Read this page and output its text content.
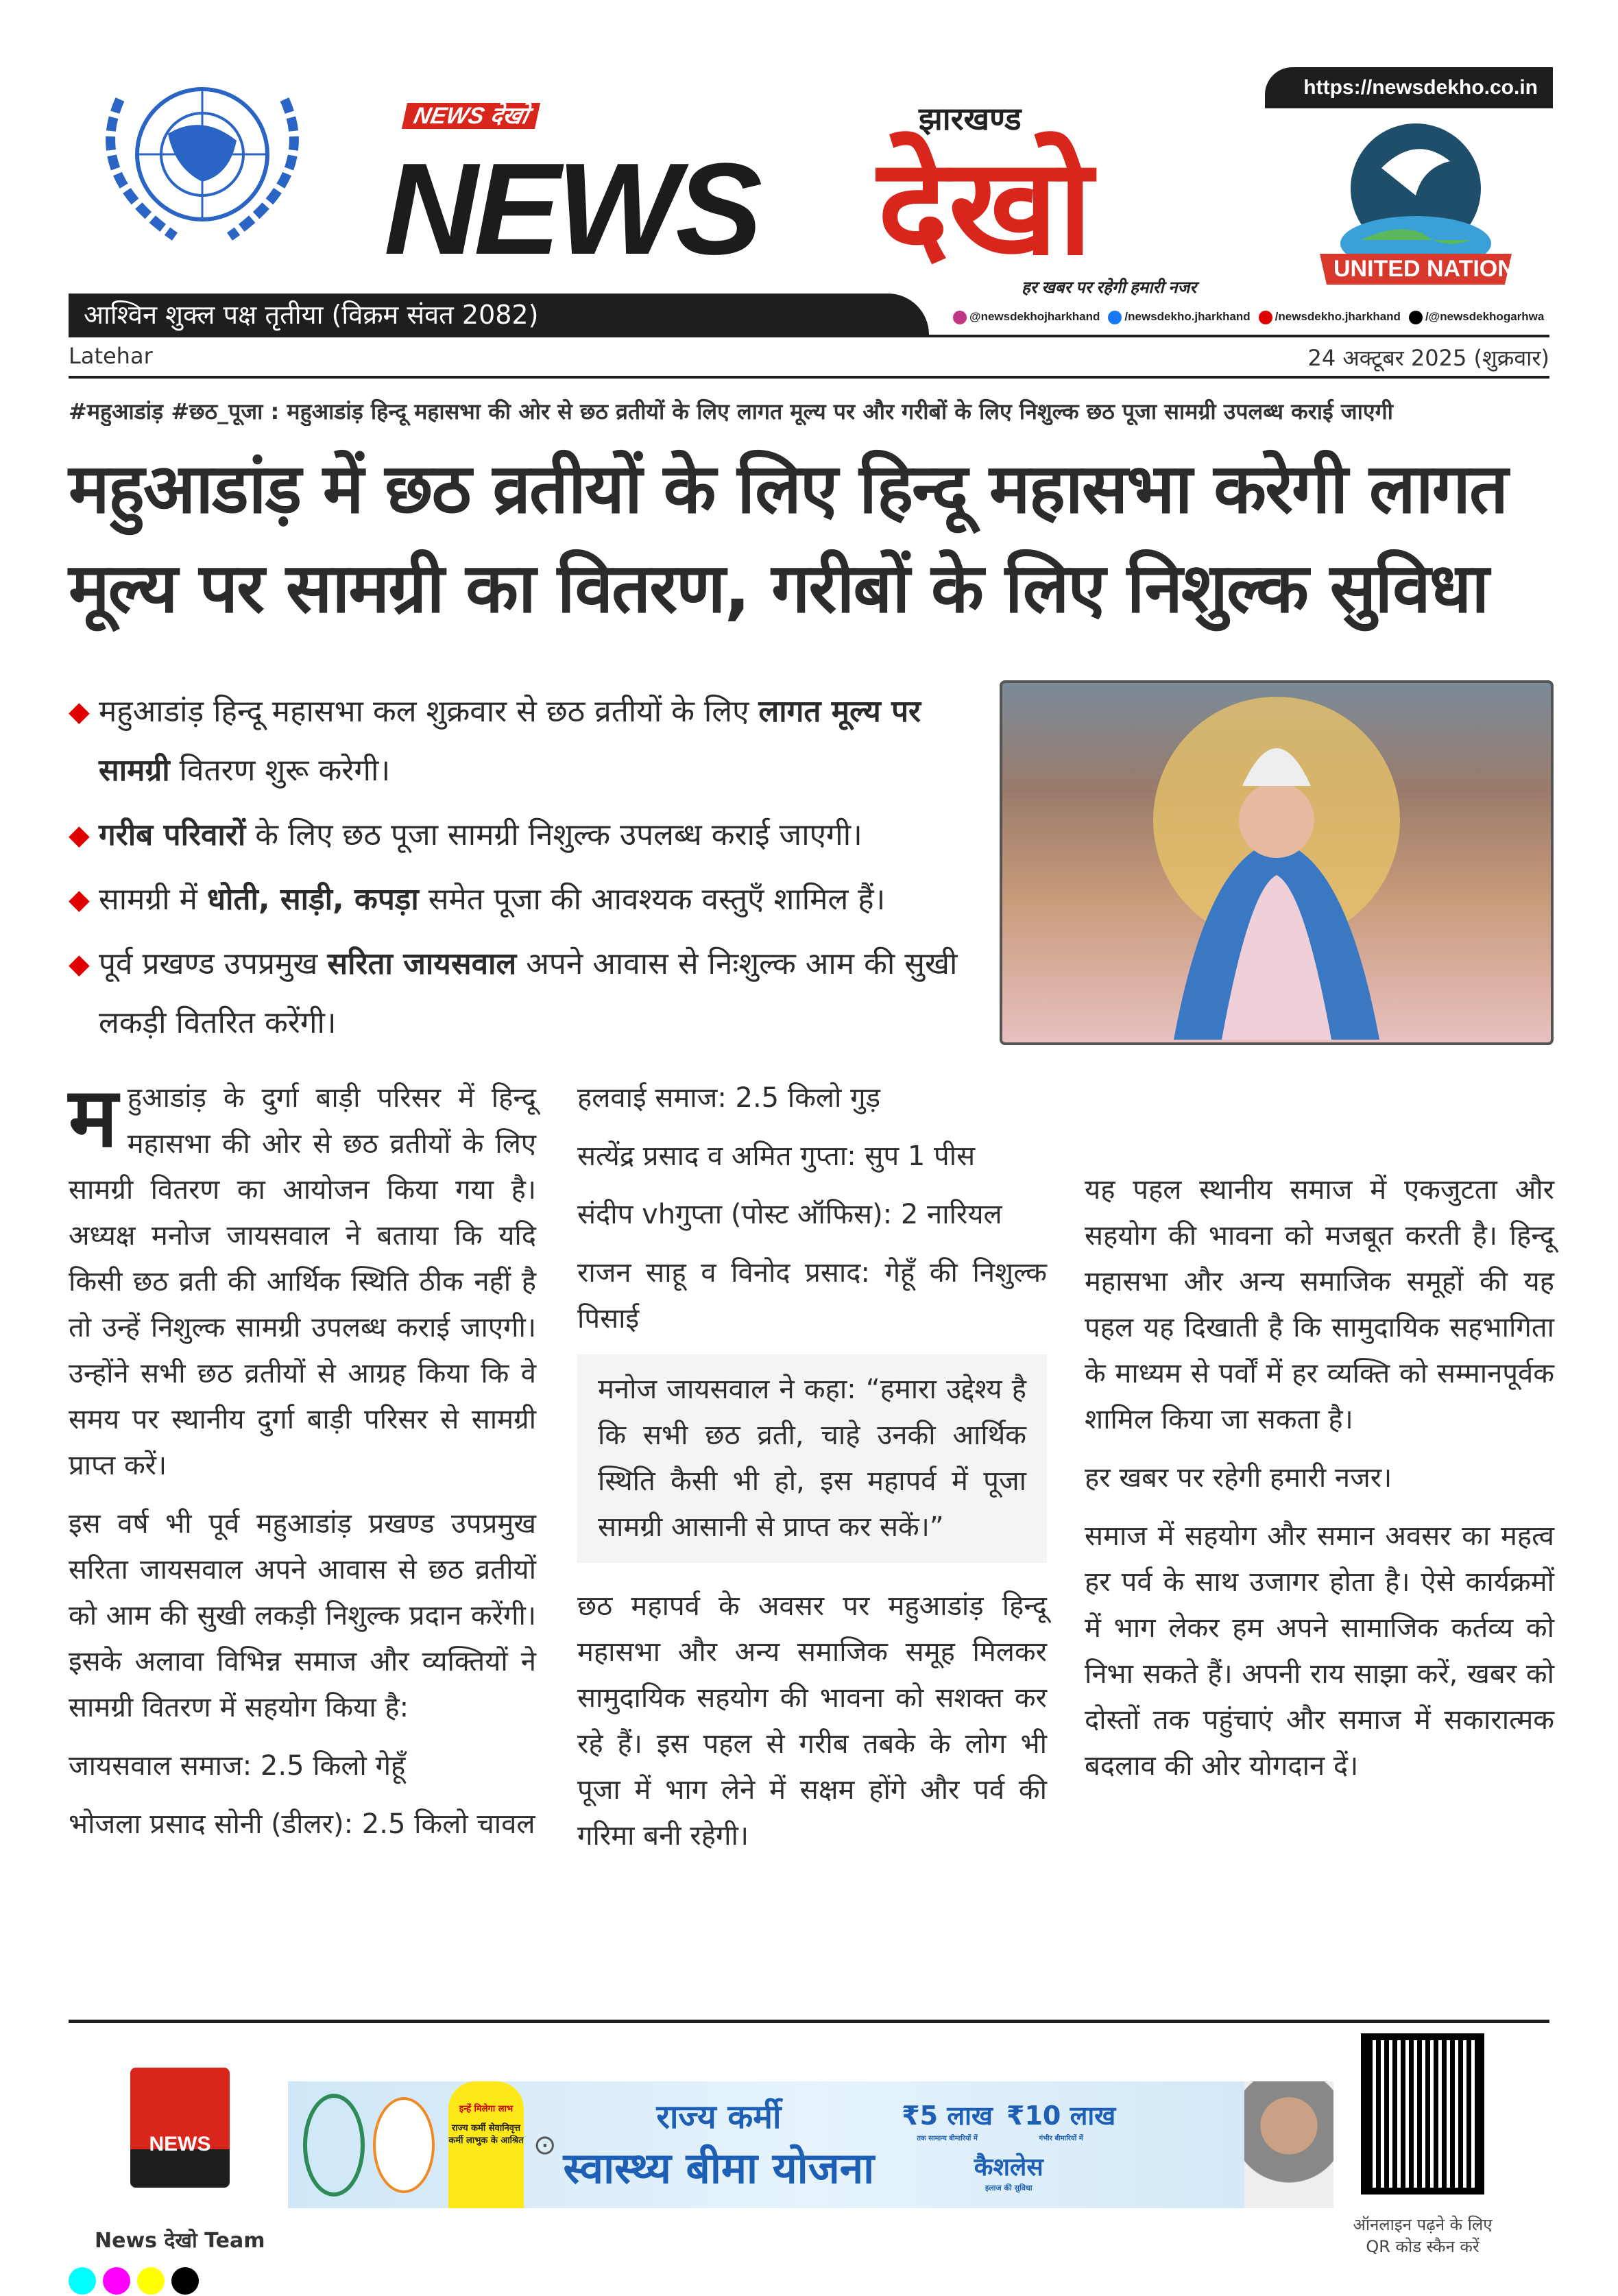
NEWS देखो
NEWS देखो
झारखण्ड
हर खबर पर रहेगी हमारी नजर
https://newsdekho.co.in
UNITED NATIONS
आश्विन शुक्ल पक्ष तृतीया (विक्रम संवत 2082)	@newsdekhojharkhand	/newsdekho.jharkhand	/newsdekho.jharkhand	/@newsdekhogarhwa
Latehar	24 अक्टूबर 2025 (शुक्रवार)
#महुआडांड़ #छठ_पूजा : महुआडांड़ हिन्दू महासभा की ओर से छठ व्रतीयों के लिए लागत मूल्य पर और गरीबों के लिए निशुल्क छठ पूजा सामग्री उपलब्ध कराई जाएगी
महुआडांड़ में छठ व्रतीयों के लिए हिन्दू महासभा करेगी लागत मूल्य पर सामग्री का वितरण, गरीबों के लिए निशुल्क सुविधा
◆ महुआडांड़ हिन्दू महासभा कल शुक्रवार से छठ व्रतीयों के लिए लागत मूल्य पर सामग्री वितरण शुरू करेगी।
◆ गरीब परिवारों के लिए छठ पूजा सामग्री निशुल्क उपलब्ध कराई जाएगी।
◆ सामग्री में धोती, साड़ी, कपड़ा समेत पूजा की आवश्यक वस्तुएँ शामिल हैं।
◆ पूर्व प्रखण्ड उपप्रमुख सरिता जायसवाल अपने आवास से निःशुल्क आम की सुखी लकड़ी वितरित करेंगी।

महुआडांड़ के दुर्गा बाड़ी परिसर में हिन्दू महासभा की ओर से छठ व्रतीयों के लिए सामग्री वितरण का आयोजन किया गया है। अध्यक्ष मनोज जायसवाल ने बताया कि यदि किसी छठ व्रती की आर्थिक स्थिति ठीक नहीं है तो उन्हें निशुल्क सामग्री उपलब्ध कराई जाएगी। उन्होंने सभी छठ व्रतीयों से आग्रह किया कि वे समय पर स्थानीय दुर्गा बाड़ी परिसर से सामग्री प्राप्त करें।

इस वर्ष भी पूर्व महुआडांड़ प्रखण्ड उपप्रमुख सरिता जायसवाल अपने आवास से छठ व्रतीयों को आम की सुखी लकड़ी निशुल्क प्रदान करेंगी। इसके अलावा विभिन्न समाज और व्यक्तियों ने सामग्री वितरण में सहयोग किया है:

जायसवाल समाज: 2.5 किलो गेहूँ

भोजला प्रसाद सोनी (डीलर): 2.5 किलो चावल

हलवाई समाज: 2.5 किलो गुड़

सत्येंद्र प्रसाद व अमित गुप्ता: सुप 1 पीस

संदीप vhगुप्ता (पोस्ट ऑफिस): 2 नारियल

राजन साहू व विनोद प्रसाद: गेहूँ की निशुल्क पिसाई

मनोज जायसवाल ने कहा: “हमारा उद्देश्य है कि सभी छठ व्रती, चाहे उनकी आर्थिक स्थिति कैसी भी हो, इस महापर्व में पूजा सामग्री आसानी से प्राप्त कर सकें।”

छठ महापर्व के अवसर पर महुआडांड़ हिन्दू महासभा और अन्य समाजिक समूह मिलकर सामुदायिक सहयोग की भावना को सशक्त कर रहे हैं। इस पहल से गरीब तबके के लोग भी पूजा में भाग लेने में सक्षम होंगे और पर्व की गरिमा बनी रहेगी।

यह पहल स्थानीय समाज में एकजुटता और सहयोग की भावना को मजबूत करती है। हिन्दू महासभा और अन्य समाजिक समूहों की यह पहल यह दिखाती है कि सामुदायिक सहभागिता के माध्यम से पर्वों में हर व्यक्ति को सम्मानपूर्वक शामिल किया जा सकता है।

हर खबर पर रहेगी हमारी नजर।

समाज में सहयोग और समान अवसर का महत्व हर पर्व के साथ उजागर होता है। ऐसे कार्यक्रमों में भाग लेकर हम अपने सामाजिक कर्तव्य को निभा सकते हैं। अपनी राय साझा करें, खबर को दोस्तों तक पहुंचाएं और समाज में सकारात्मक बदलाव की ओर योगदान दें।

NEWS
News देखो Team
इन्हें मिलेगा लाभ
राज्य कर्मी सेवानिवृत्त कर्मी लाभुक के आश्रित ⊙
राज्य कर्मी
स्वास्थ्य बीमा योजना
₹5 लाख
तक सामान्य बीमारियों में
₹10 लाख
गंभीर बीमारियों में
कैशलेस
इलाज की सुविधा
ऑनलाइन पढ़ने के लिए QR कोड स्कैन करें
